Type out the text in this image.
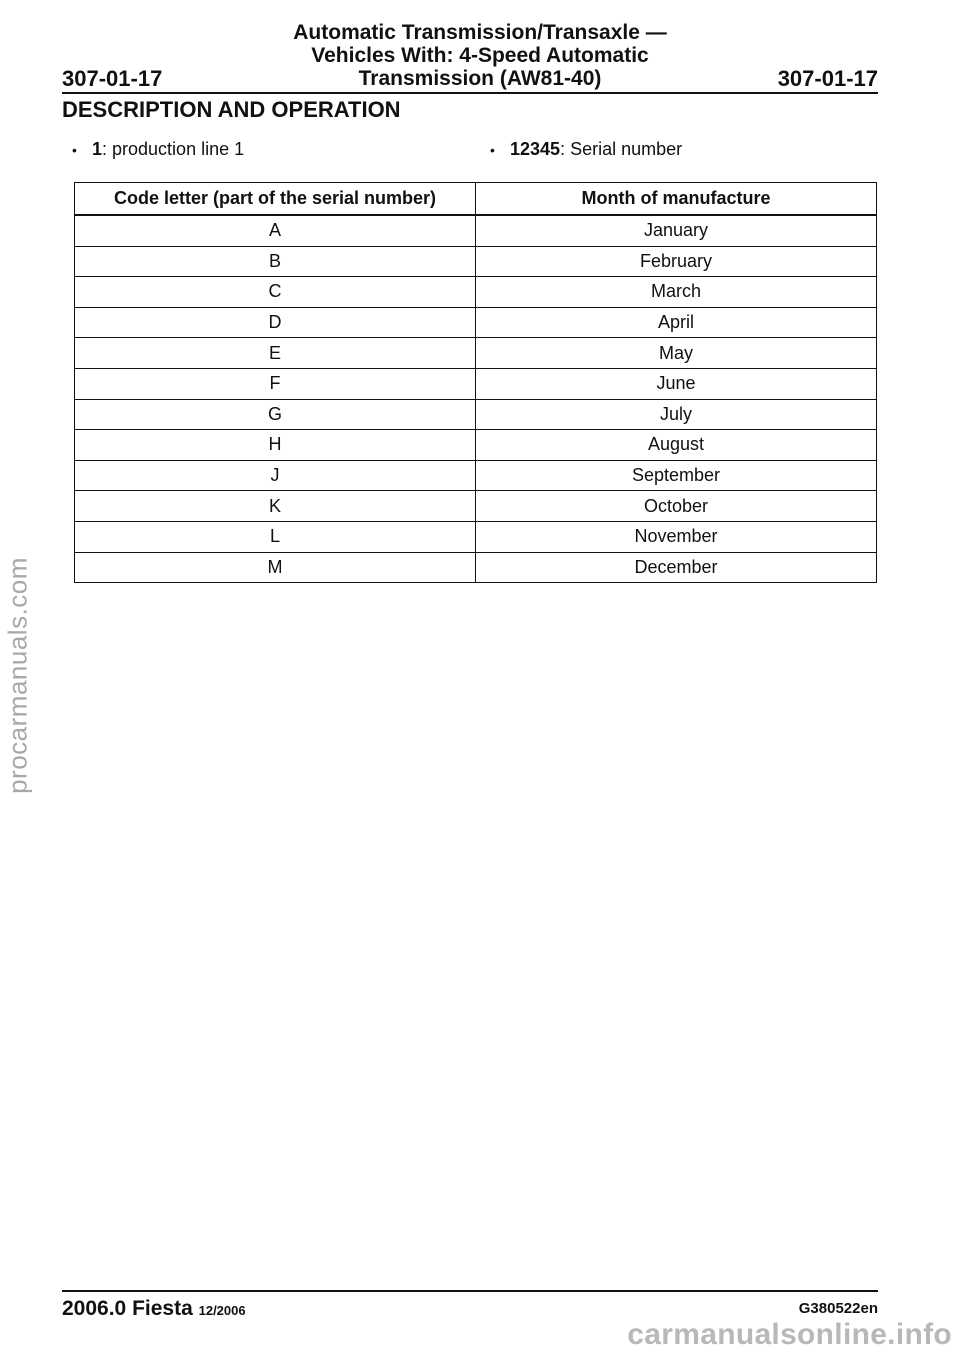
Automatic Transmission/Transaxle —
Vehicles With: 4-Speed Automatic
Transmission (AW81-40)
307-01-17	307-01-17
DESCRIPTION AND OPERATION
• 1: production line 1	• 12345: Serial number
Code letter (part of the serial number)	Month of manufacture
A	January
B	February
C	March
D	April
E	May
F	June
G	July
H	August
J	September
K	October
L	November
M	December
2006.0 Fiesta 12/2006	G380522en
procarmanuals.com
carmanualsonline.info
